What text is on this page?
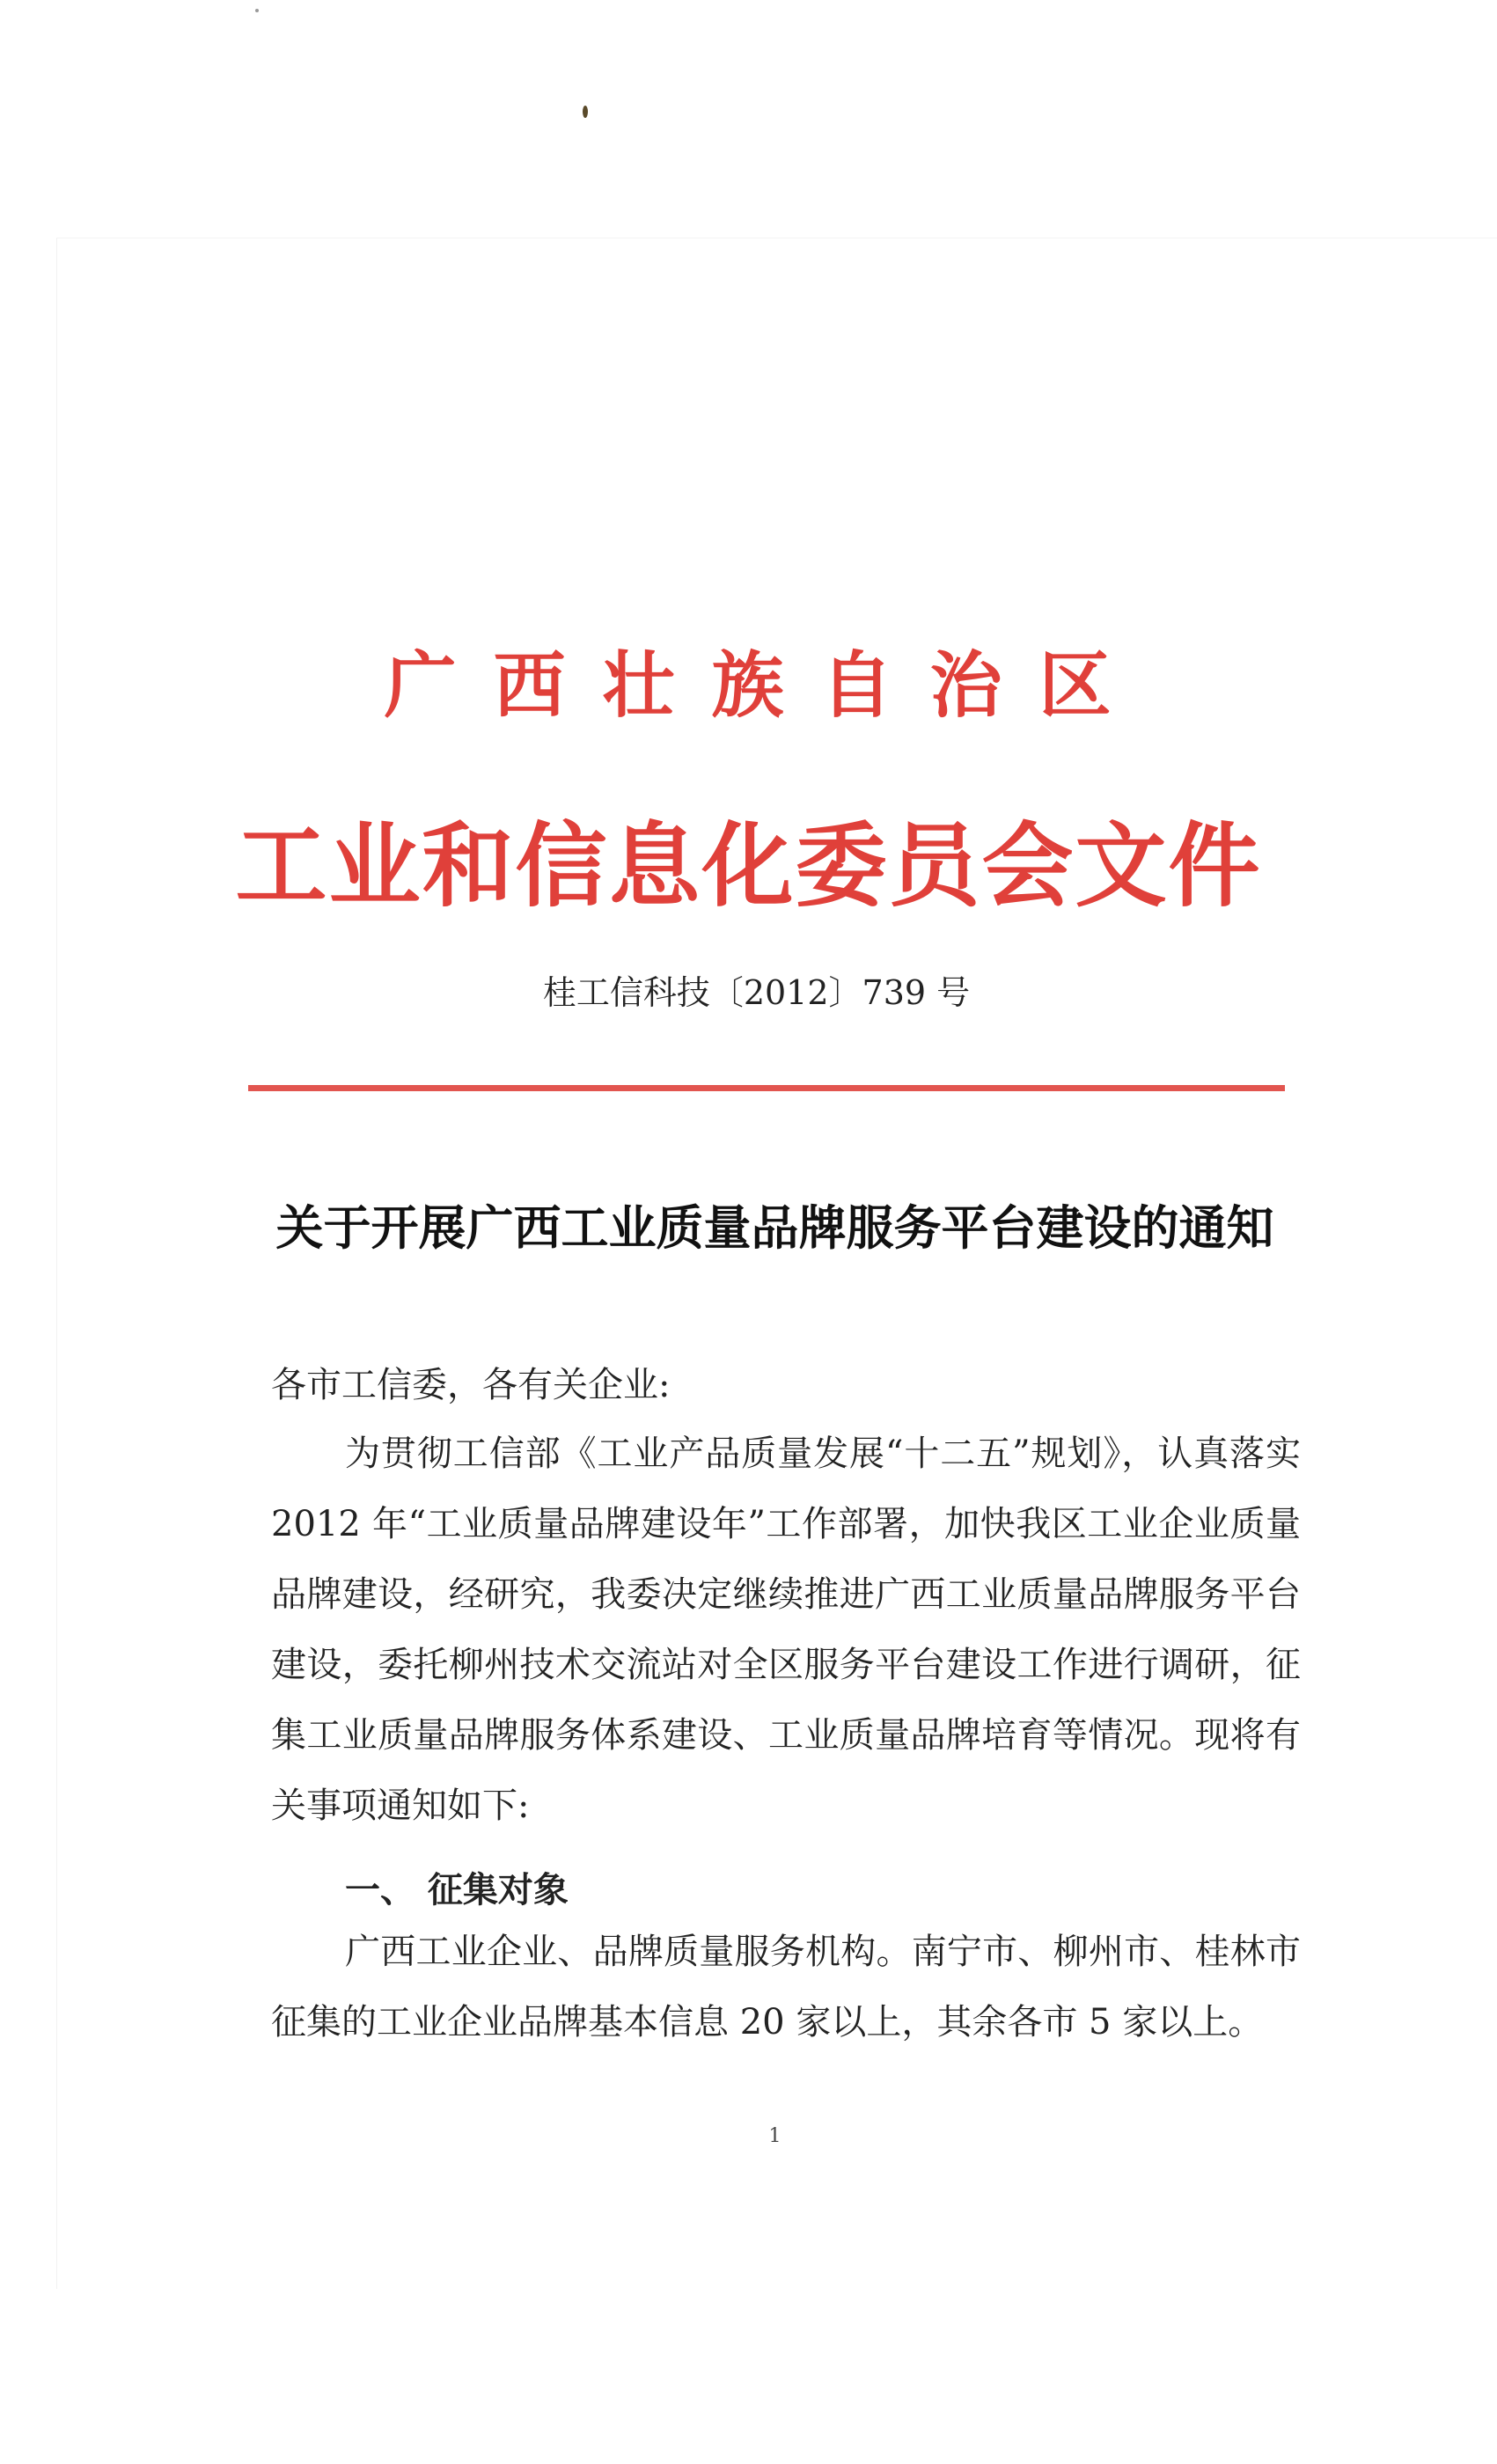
广西壮族自治区
工业和信息化委员会文件
桂工信科技〔2012〕739 号
关于开展广西工业质量品牌服务平台建设的通知
各市工信委，各有关企业:
为贯彻工信部《工业产品质量发展“十二五”规划》，认真落实 2012 年“工业质量品牌建设年”工作部署，加快我区工业企业质量品牌建设，经研究，我委决定继续推进广西工业质量品牌服务平台建设，委托柳州技术交流站对全区服务平台建设工作进行调研，征集工业质量品牌服务体系建设、工业质量品牌培育等情况。现将有关事项通知如下:
一、 征集对象
广西工业企业、品牌质量服务机构。南宁市、柳州市、桂林市征集的工业企业品牌基本信息 20 家以上，其余各市 5 家以上。
1
